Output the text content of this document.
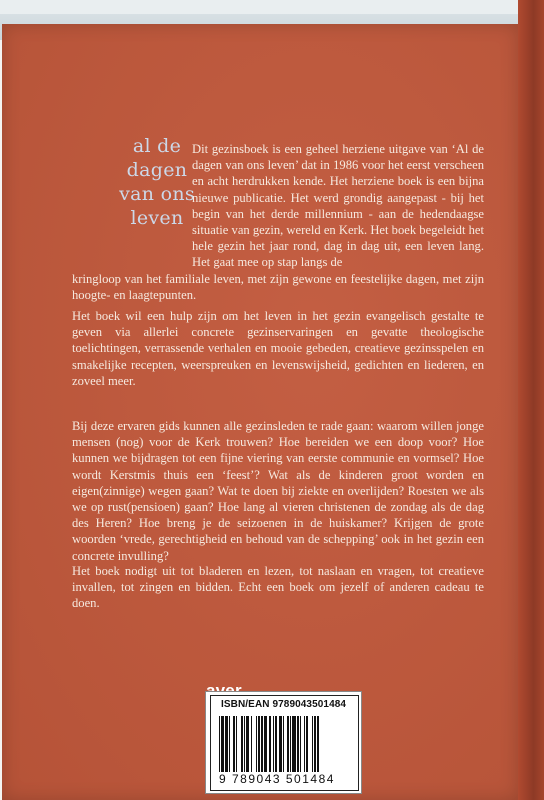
al de
dagen
van ons
leven
Dit gezinsboek is een geheel herziene uitgave van ‘Al de dagen van ons leven’ dat in 1986 voor het eerst verscheen en acht herdrukken kende. Het herziene boek is een bijna nieuwe publicatie. Het werd grondig aangepast - bij het begin van het derde millennium - aan de hedendaagse situatie van gezin, wereld en Kerk. Het boek begeleidt het hele gezin het jaar rond, dag in dag uit, een leven lang. Het gaat mee op stap langs de
kringloop van het familiale leven, met zijn gewone en feestelijke dagen, met zijn hoogte- en laagtepunten.
Het boek wil een hulp zijn om het leven in het gezin evangelisch gestalte te geven via allerlei concrete gezinservaringen en gevatte theologische toelichtingen, verrassende verhalen en mooie gebeden, creatieve gezinsspelen en smakelijke recepten, weerspreuken en levenswijsheid, gedichten en liederen, en zoveel meer.
Bij deze ervaren gids kunnen alle gezinsleden te rade gaan: waarom willen jonge mensen (nog) voor de Kerk trouwen? Hoe bereiden we een doop voor? Hoe kunnen we bijdragen tot een fijne viering van eerste communie en vormsel? Hoe wordt Kerstmis thuis een ‘feest’? Wat als de kinderen groot worden en eigen(zinnige) wegen gaan? Wat te doen bij ziekte en overlijden? Roesten we als we op rust(pensioen) gaan? Hoe lang al vieren christenen de zondag als de dag des Heren? Hoe breng je de seizoenen in de huiskamer? Krijgen de grote woorden ‘vrede, gerechtigheid en behoud van de schepping’ ook in het gezin een concrete invulling?
Het boek nodigt uit tot bladeren en lezen, tot naslaan en vragen, tot creatieve invallen, tot zingen en bidden. Echt een boek om jezelf of anderen cadeau te doen.
ISBN/EAN 9789043501484
9 789043 501484
